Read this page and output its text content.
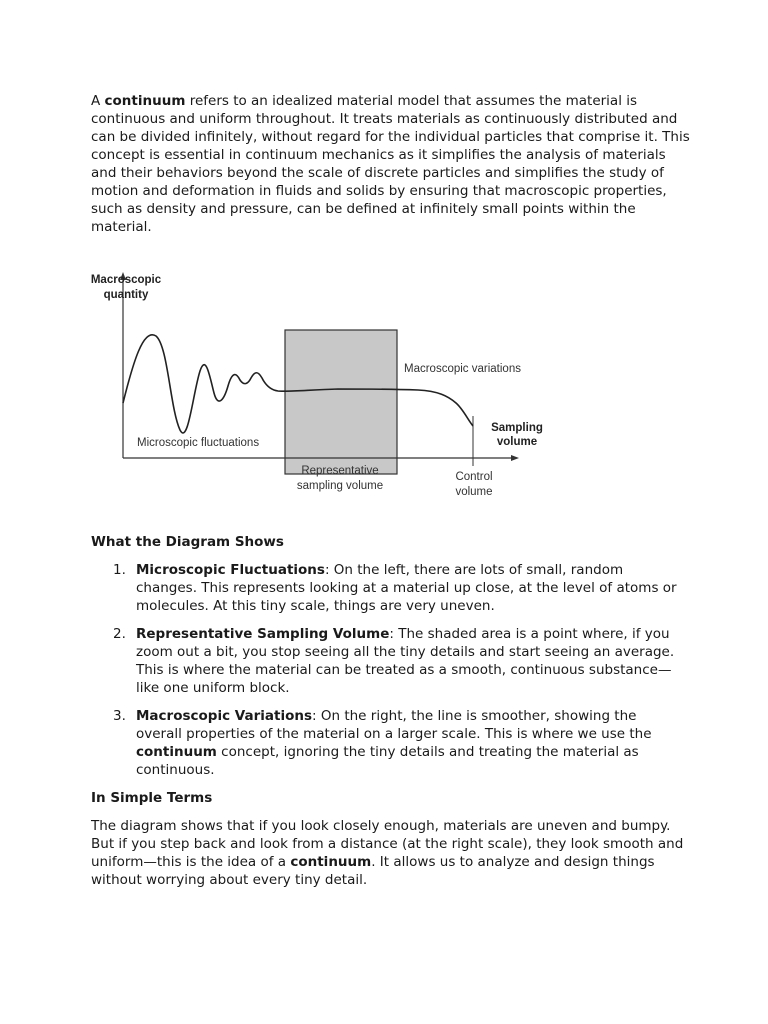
A continuum refers to an idealized material model that assumes the material is continuous and uniform throughout. It treats materials as continuously distributed and can be divided infinitely, without regard for the individual particles that comprise it. This concept is essential in continuum mechanics as it simplifies the analysis of materials and their behaviors beyond the scale of discrete particles and simplifies the study of motion and deformation in fluids and solids by ensuring that macroscopic properties, such as density and pressure, can be defined at infinitely small points within the material.

Macroscopic
quantity
Macroscopic variations
Microscopic fluctuations
Sampling
volume
Representative
sampling volume
Control
volume
What the Diagram Shows
1. Microscopic Fluctuations: On the left, there are lots of small, random changes. This represents looking at a material up close, at the level of atoms or molecules. At this tiny scale, things are very uneven.
2. Representative Sampling Volume: The shaded area is a point where, if you zoom out a bit, you stop seeing all the tiny details and start seeing an average. This is where the material can be treated as a smooth, continuous substance—like one uniform block.
3. Macroscopic Variations: On the right, the line is smoother, showing the overall properties of the material on a larger scale. This is where we use the continuum concept, ignoring the tiny details and treating the material as continuous.
In Simple Terms

The diagram shows that if you look closely enough, materials are uneven and bumpy. But if you step back and look from a distance (at the right scale), they look smooth and uniform—this is the idea of a continuum. It allows us to analyze and design things without worrying about every tiny detail.
